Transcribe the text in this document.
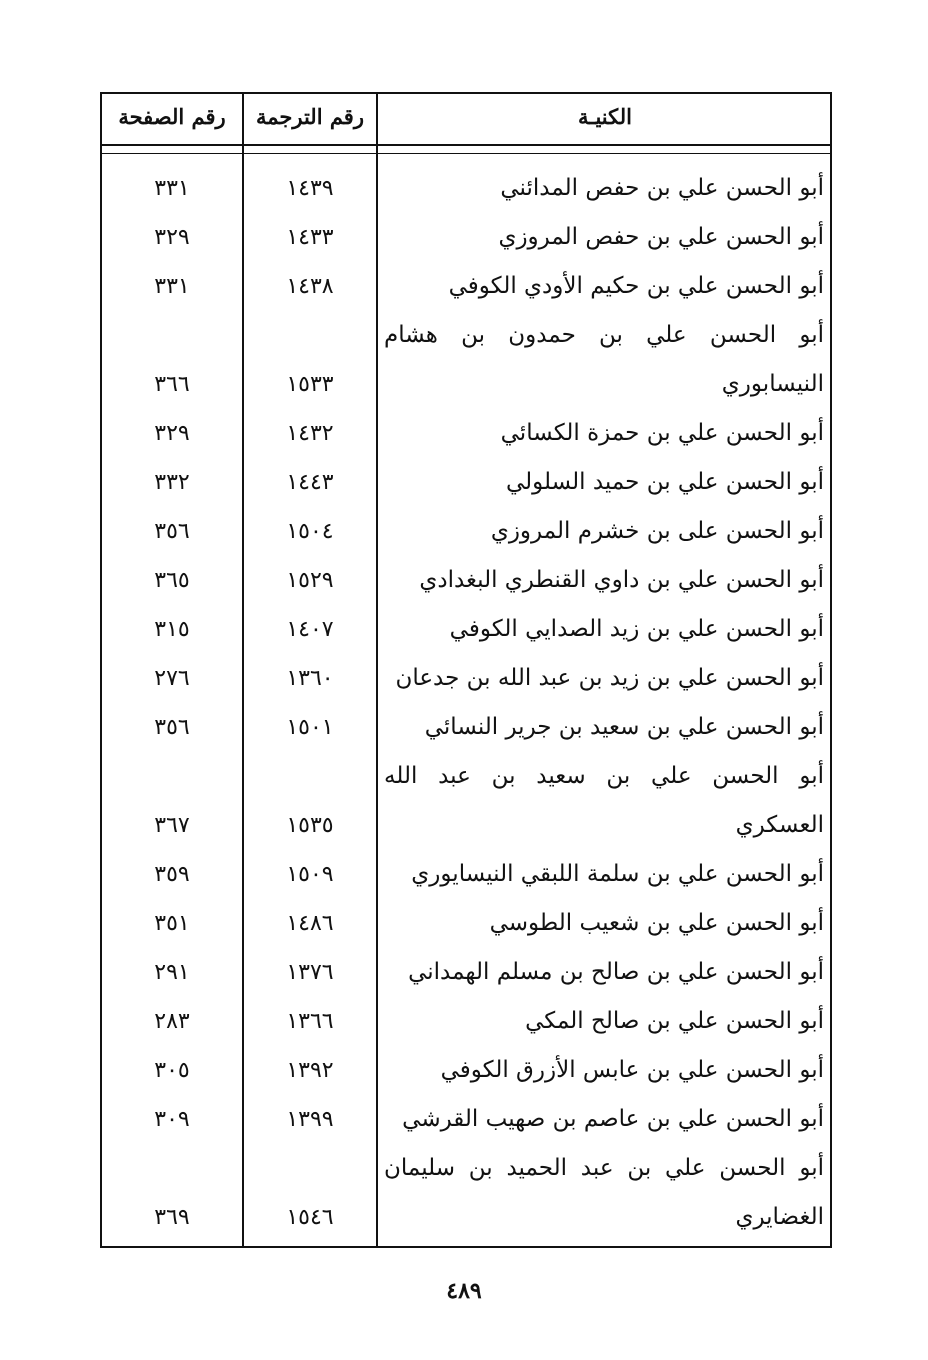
رقم الصفحة	رقم الترجمة	الكنيـة
أبو الحسن علي بن حفص المدائني
١٤٣٩
٣٣١
أبو الحسن علي بن حفص المروزي
١٤٣٣
٣٢٩
أبو الحسن علي بن حكيم الأودي الكوفي
١٤٣٨
٣٣١
أبو الحسن علي بن حمدون بن هشام النيسابوري
١٥٣٣
٣٦٦
أبو الحسن علي بن حمزة الكسائي
١٤٣٢
٣٢٩
أبو الحسن علي بن حميد السلولي
١٤٤٣
٣٣٢
أبو الحسن على بن خشرم المروزي
١٥٠٤
٣٥٦
أبو الحسن علي بن داوي القنطري البغدادي
١٥٢٩
٣٦٥
أبو الحسن علي بن زيد الصدايي الكوفي
١٤٠٧
٣١٥
أبو الحسن علي بن زيد بن عبد الله بن جدعان
١٣٦٠
٢٧٦
أبو الحسن علي بن سعيد بن جرير النسائي
١٥٠١
٣٥٦
أبو الحسن علي بن سعيد بن عبد الله العسكري
١٥٣٥
٣٦٧
أبو الحسن علي بن سلمة اللبقي النيسايوري
١٥٠٩
٣٥٩
أبو الحسن علي بن شعيب الطوسي
١٤٨٦
٣٥١
أبو الحسن علي بن صالح بن مسلم الهمداني
١٣٧٦
٢٩١
أبو الحسن علي بن صالح المكي
١٣٦٦
٢٨٣
أبو الحسن علي بن عابس الأزرق الكوفي
١٣٩٢
٣٠٥
أبو الحسن علي بن عاصم بن صهيب القرشي
١٣٩٩
٣٠٩
أبو الحسن علي بن عبد الحميد بن سليمان الغضايري
١٥٤٦
٣٦٩
٤٨٩
